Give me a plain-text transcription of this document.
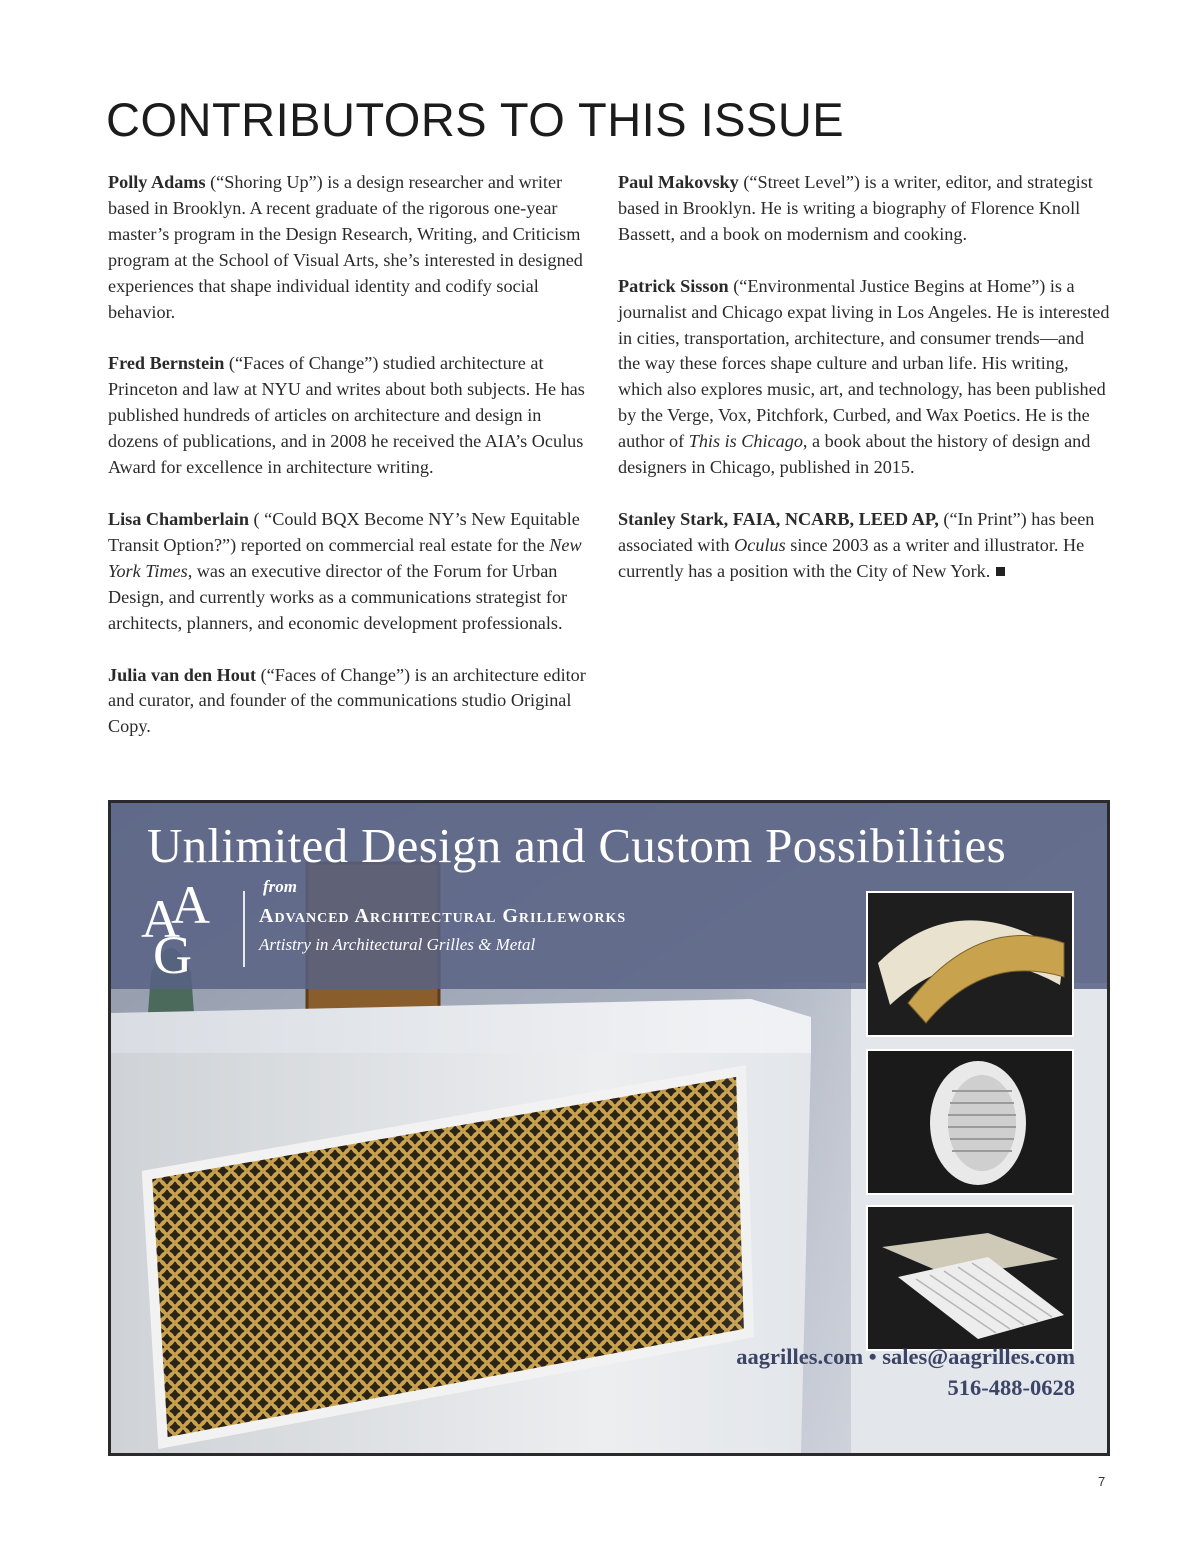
CONTRIBUTORS TO THIS ISSUE

Polly Adams (“Shoring Up”) is a design researcher and writer based in Brooklyn. A recent graduate of the rigorous one-year master’s program in the Design Research, Writing, and Criticism program at the School of Visual Arts, she’s interested in designed experiences that shape individual identity and codify social behavior.

Fred Bernstein (“Faces of Change”) studied architecture at Princeton and law at NYU and writes about both subjects. He has published hundreds of articles on architecture and design in dozens of publications, and in 2008 he received the AIA’s Oculus Award for excellence in architecture writing.

Lisa Chamberlain ( “Could BQX Become NY’s New Equitable Transit Option?”) reported on commercial real estate for the New York Times, was an executive director of the Forum for Urban Design, and currently works as a communications strategist for architects, planners, and economic development professionals.

Julia van den Hout (“Faces of Change”) is an architecture editor and curator, and founder of the communications studio Original Copy.

Paul Makovsky (“Street Level”) is a writer, editor, and strategist based in Brooklyn. He is writing a biography of Florence Knoll Bassett, and a book on modernism and cooking.

Patrick Sisson (“Environmental Justice Begins at Home”) is a journalist and Chicago expat living in Los Angeles. He is interested in cities, transportation, architecture, and consumer trends—and the way these forces shape culture and urban life. His writing, which also explores music, art, and technology, has been published by the Verge, Vox, Pitchfork, Curbed, and Wax Poetics. He is the author of This is Chicago, a book about the history of design and designers in Chicago, published in 2015.

Stanley Stark, FAIA, NCARB, LEED AP, (“In Print”) has been associated with Oculus since 2003 as a writer and illustrator. He currently has a position with the City of New York.

Unlimited Design and Custom Possibilities
A
A
G
from
Advanced Architectural Grilleworks
Artistry in Architectural Grilles & Metal
aagrilles.com • sales@aagrilles.com
516-488-0628
7
